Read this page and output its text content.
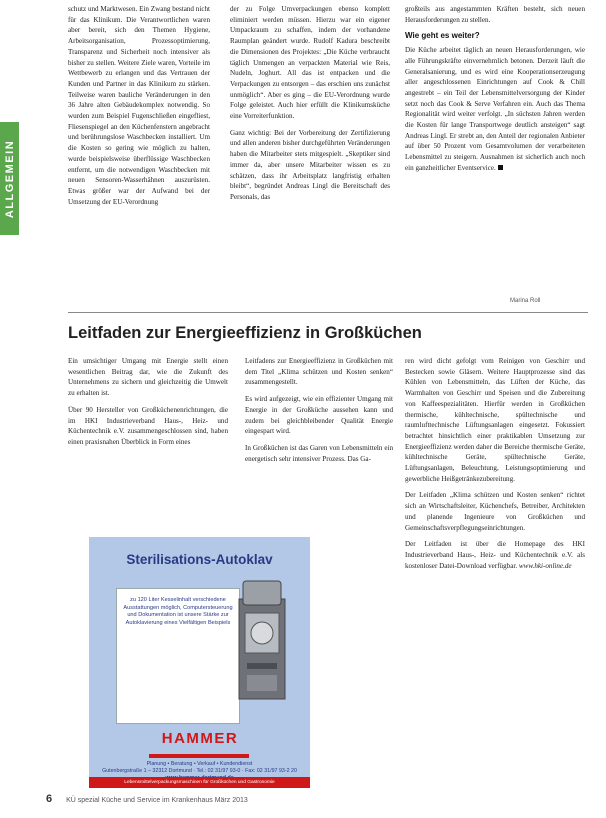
ALLGEMEIN

schutz und Marktwesen. Ein Zwang bestand nicht für das Klinikum. Die Verantwortlichen waren aber bereit, sich den Themen Hygiene, Arbeitsorganisation, Prozessoptimierung, Transparenz und Sicherheit noch intensiver als bisher zu stellen. Weitere Ziele waren, Vorteile im Wettbewerb zu erlangen und das Vertrauen der Kunden und Partner in das Klinikum zu stärken. Teilweise waren bauliche Veränderungen in den 36 Jahre alten Gebäudekomplex notwendig. So wurden zum Beispiel Fugenschließen eingefliest, Fliesenspiegel an den Küchenfenstern angebracht und berührungslose Waschbecken installiert. Um die Kosten so gering wie möglich zu halten, wurde beispielsweise überflüssige Waschbecken entfernt, um die notwendigen Waschbecken mit neuen Sensoren-Wasserhähnen auszurüsten. Etwas größer war der Aufwand bei der Umsetzung der EU-Verordnung

der zu Folge Umverpackungen ebenso komplett eliminiert werden müssen. Hierzu war ein eigener Umpackraum zu schaffen, indem der vorhandene Raumplan geändert wurde. Rudolf Kadura beschreibt die Dimensionen des Projektes: „Die Küche verbraucht täglich Unmengen an verpackten Material wie Reis, Nudeln, Joghurt. All das ist entpacken und die Verpackungen zu entsorgen – das erschien uns zunächst unmöglich“. Aber es ging – die EU-Verordnung wurde Folge geleistet. Auch hier erfüllt die Klinikumsküche eine Vorreiterfunktion.

Ganz wichtig: Bei der Vorbereitung der Zertifizierung und allen anderen bisher durchgeführten Veränderungen haben die Mitarbeiter stets mitgespielt. „Skeptiker sind immer da, aber unsere Mitarbeiter wissen es zu schätzen, dass ihr Arbeitsplatz langfristig erhalten bleibt“, begründet Andreas Lingl die Bereitschaft des Personals, das

großteils aus angestammten Kräften besteht, sich neuen Herausforderungen zu stellen.

Wie geht es weiter?

Die Küche arbeitet täglich an neuen Herausforderungen, wie alle Führungskräfte einvernehmlich betonen. Derzeit läuft die Generalsanierung, und es wird eine Kooperationserzeugung aller angeschlossenen Einrichtungen auf Cook & Chill angestrebt – ein Teil der Lebensmittelversorgung der Kinder setzt noch das Cook & Serve Verfahren ein. Auch das Thema Regionalität wird weiter verfolgt. „In süchsten Jahren werden die Kosten für lange Transportwege deutlich ansteigen“ sagt Andreas Lingl. Er strebt an, den Anteil der regionalen Anbieter auf über 50 Prozent vom Gesamtvolumen der verarbeiteten Lebensmittel zu steigern. Ausnahmen ist sicherlich auch noch ein ganzheitlicher Eventservice.

Marina Roll
Leitfaden zur Energieeffizienz in Großküchen

Ein umsichtiger Umgang mit Energie stellt einen wesentlichen Beitrag dar, wie die Zukunft des Unternehmens zu sichern und gleichzeitig die Umwelt zu erhalten ist.

Über 90 Hersteller von Großküchenenrichtungen, die im HKI Industrieverband Haus-, Heiz- und Küchentechnik e.V. zusammengeschlossen sind, haben einen praxisnahen Überblick in Form eines

Leitfadens zur Energieeffizienz in Großküchen mit dem Titel „Klima schützen und Kosten senken“ zusammengestellt.

Es wird aufgezeigt, wie ein effizienter Umgang mit Energie in der Großküche aussehen kann und zudem bei gleichbleibender Qualität Energie eingespart wird.

In Großküchen ist das Garen von Lebensmitteln ein energetisch sehr intensiver Prozess. Das Ga-

ren wird dicht gefolgt vom Reinigen von Geschirr und Bestecken sowie Gläsern. Weitere Hauptprozesse sind das Kühlen von Lebensmitteln, das Lüften der Küche, das Warmhalten von Geschirr und Speisen und die Zubereitung von Kaffeespezialitäten. Hierfür werden in Großküchen thermische, kühltechnische, spültechnische und raumlufttechnische Lüftungsanlagen eingesetzt. Fokussiert betrachtet hinsichtlich einer praktikablen Umsetzung zur Energieeffizienz werden daher die Bereiche thermische Geräte, kühltechnische Geräte, spültechnische Geräte, Lüftungsanlagen, Beleuchtung, Leistungsoptimierung und gewerbliche Heißgetränkezubereitung.

Der Leitfaden „Klima schützen und Kosten senken“ richtet sich an Wirtschaftsleiter, Küchenchefs, Betreiber, Architekten und planende Ingenieure von Großküchen und Gemeinschaftsverpflegungseinrichtungen.

Der Leitfaden ist über die Homepage des HKI Industrieverband Haus-, Heiz- und Küchentechnik e.V. als kostenloser Datei-Download verfügbar. www.hki-online.de

Sterilisations-Autoklav
zu 120 Liter Kesselinhalt verschiedene Ausstattungen möglich, Computersteuerung und Dokumentation ist unsere Stärke zur Autoklavierung eines Vielfältigen Beispiels
HAMMER
Planung • Beratung • Verkauf • Kundendienst
Gutenbergstraße 1 – 32312 Dortmund · Tel.: 02 31/97 93-0 · Fax: 02 31/97 93-2 20
Lebensmittelverpackungsmaschinen für Großküchen und Gastronomie
6 KÜ spezial Küche und Service im Krankenhaus März 2013
